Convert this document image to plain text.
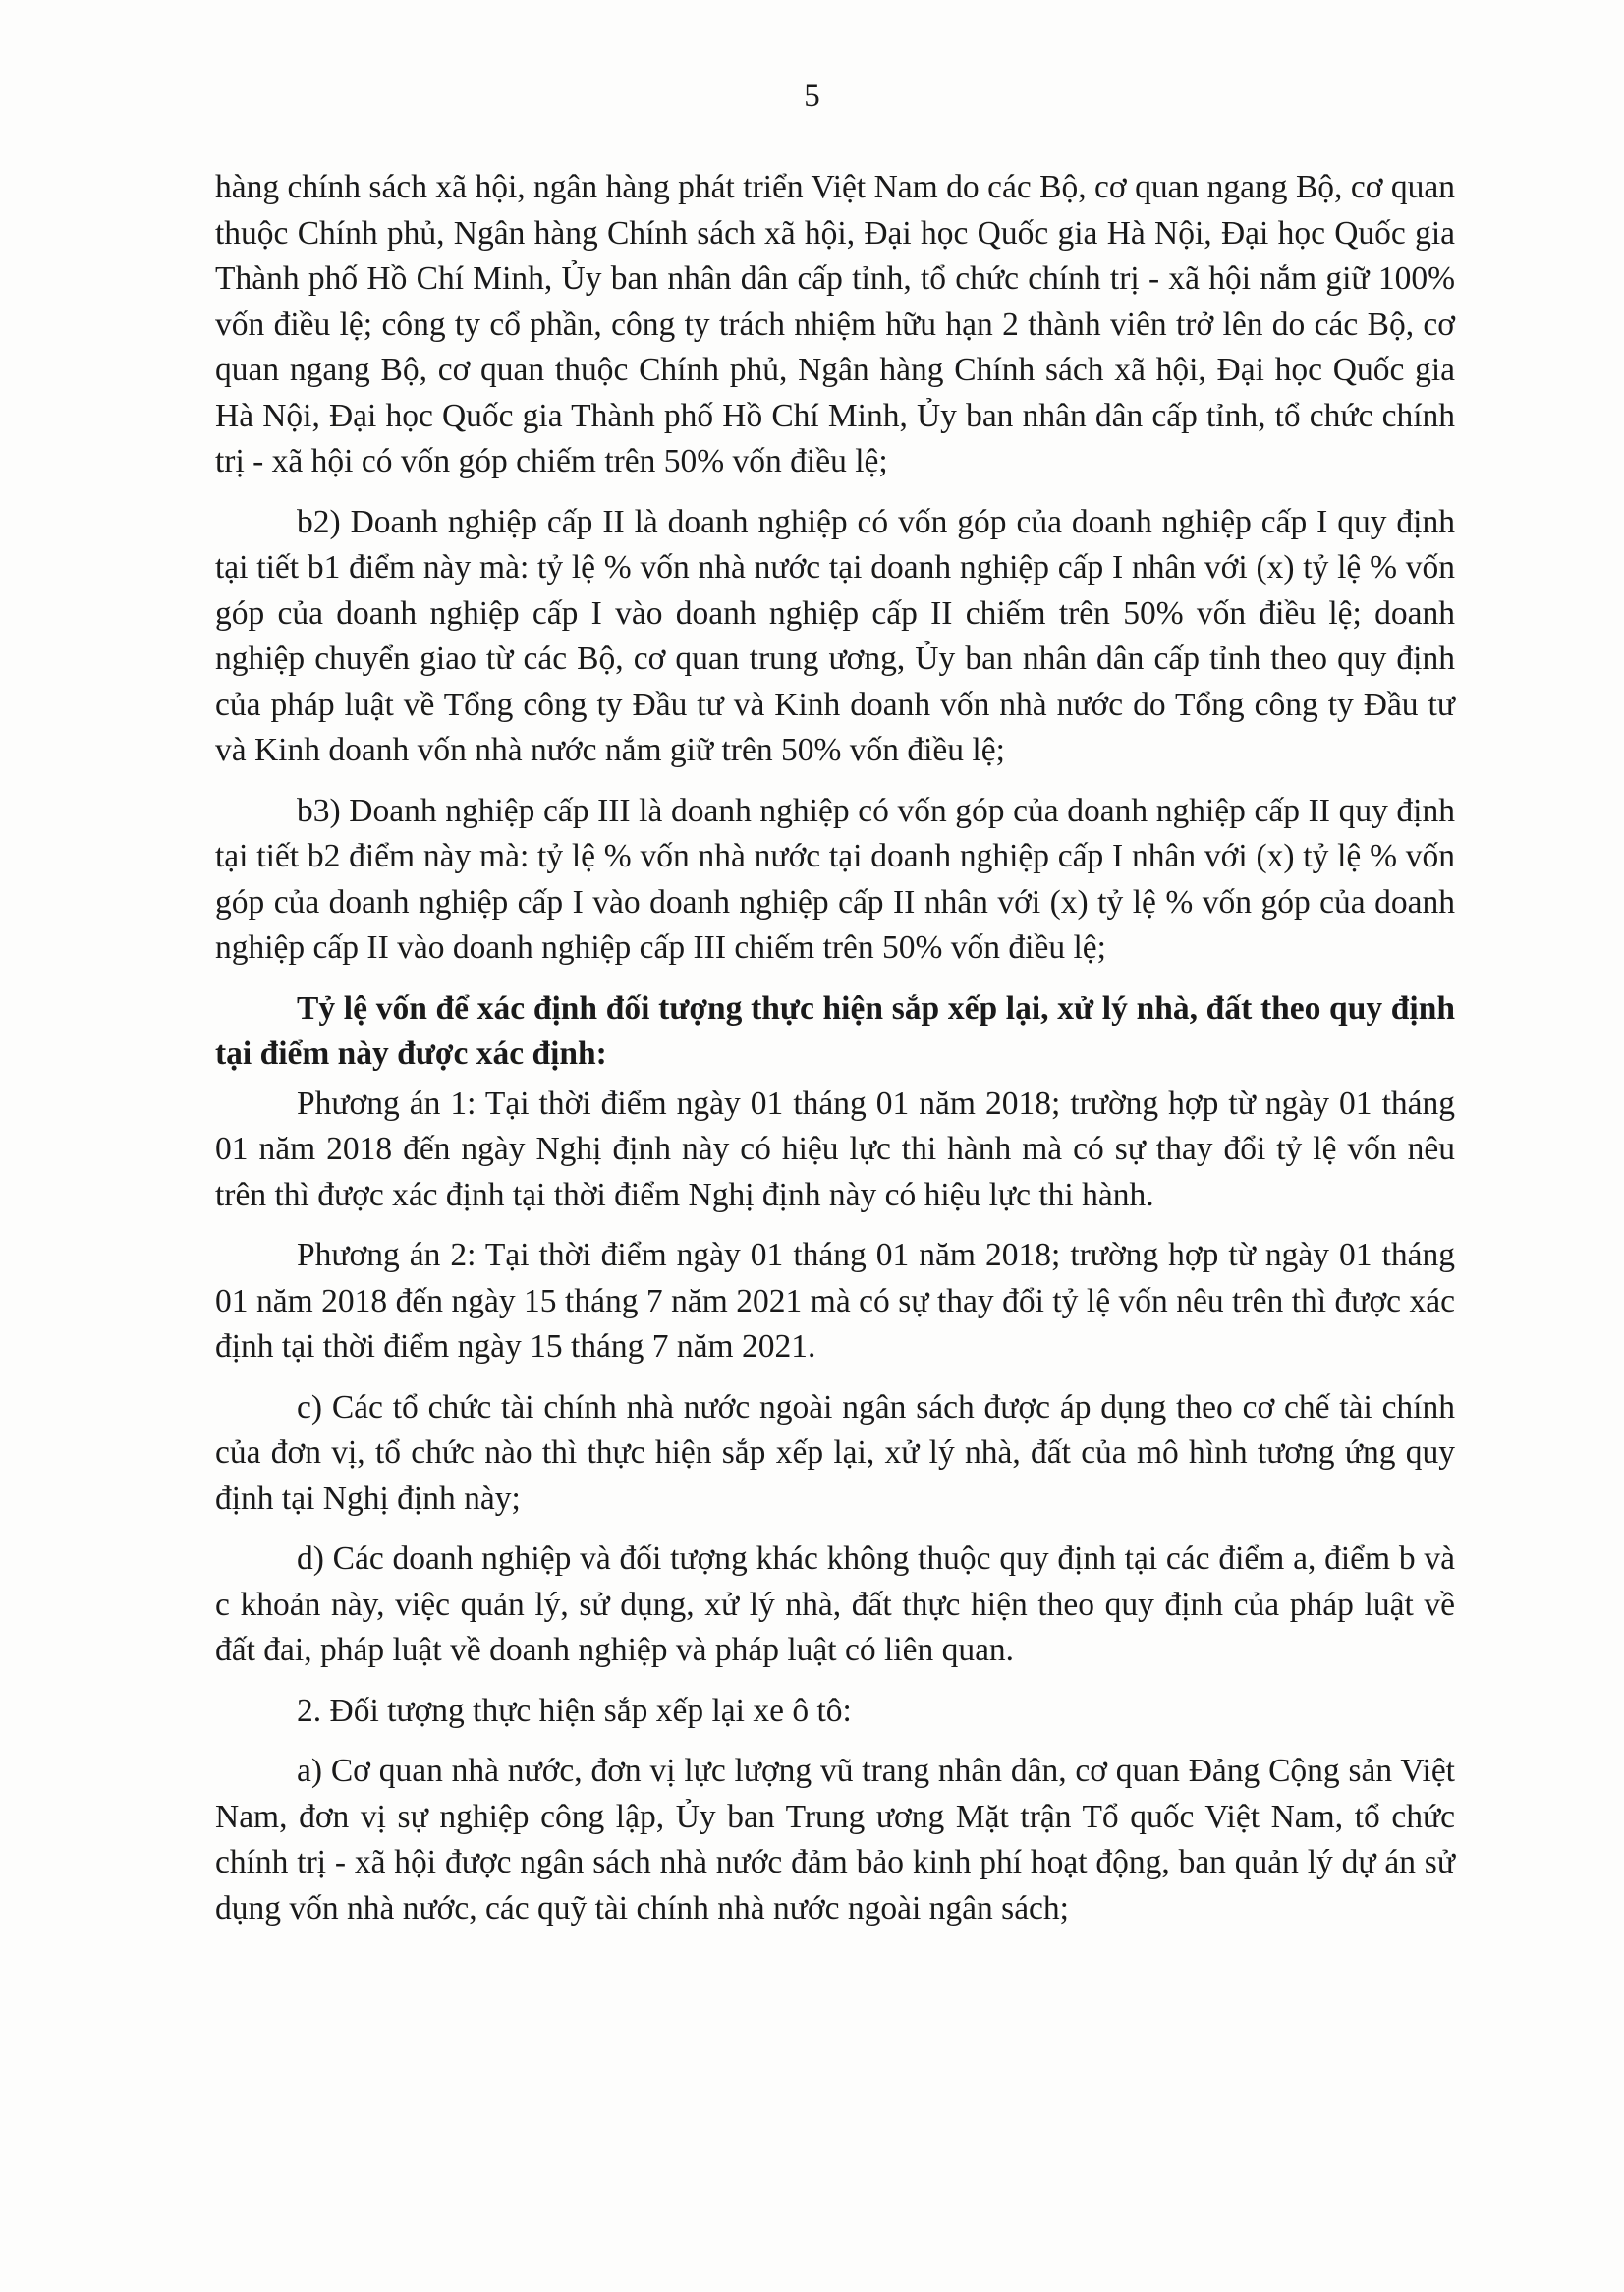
5

hàng chính sách xã hội, ngân hàng phát triển Việt Nam do các Bộ, cơ quan ngang Bộ, cơ quan thuộc Chính phủ, Ngân hàng Chính sách xã hội, Đại học Quốc gia Hà Nội, Đại học Quốc gia Thành phố Hồ Chí Minh, Ủy ban nhân dân cấp tỉnh, tổ chức chính trị - xã hội nắm giữ 100% vốn điều lệ; công ty cổ phần, công ty trách nhiệm hữu hạn 2 thành viên trở lên do các Bộ, cơ quan ngang Bộ, cơ quan thuộc Chính phủ, Ngân hàng Chính sách xã hội, Đại học Quốc gia Hà Nội, Đại học Quốc gia Thành phố Hồ Chí Minh, Ủy ban nhân dân cấp tỉnh, tổ chức chính trị - xã hội có vốn góp chiếm trên 50% vốn điều lệ;

b2) Doanh nghiệp cấp II là doanh nghiệp có vốn góp của doanh nghiệp cấp I quy định tại tiết b1 điểm này mà: tỷ lệ % vốn nhà nước tại doanh nghiệp cấp I nhân với (x) tỷ lệ % vốn góp của doanh nghiệp cấp I vào doanh nghiệp cấp II chiếm trên 50% vốn điều lệ; doanh nghiệp chuyển giao từ các Bộ, cơ quan trung ương, Ủy ban nhân dân cấp tỉnh theo quy định của pháp luật về Tổng công ty Đầu tư và Kinh doanh vốn nhà nước do Tổng công ty Đầu tư và Kinh doanh vốn nhà nước nắm giữ trên 50% vốn điều lệ;

b3) Doanh nghiệp cấp III là doanh nghiệp có vốn góp của doanh nghiệp cấp II quy định tại tiết b2 điểm này mà: tỷ lệ % vốn nhà nước tại doanh nghiệp cấp I nhân với (x) tỷ lệ % vốn góp của doanh nghiệp cấp I vào doanh nghiệp cấp II nhân với (x) tỷ lệ % vốn góp của doanh nghiệp cấp II vào doanh nghiệp cấp III chiếm trên 50% vốn điều lệ;

Tỷ lệ vốn để xác định đối tượng thực hiện sắp xếp lại, xử lý nhà, đất theo quy định tại điểm này được xác định:

Phương án 1: Tại thời điểm ngày 01 tháng 01 năm 2018; trường hợp từ ngày 01 tháng 01 năm 2018 đến ngày Nghị định này có hiệu lực thi hành mà có sự thay đổi tỷ lệ vốn nêu trên thì được xác định tại thời điểm Nghị định này có hiệu lực thi hành.

Phương án 2: Tại thời điểm ngày 01 tháng 01 năm 2018; trường hợp từ ngày 01 tháng 01 năm 2018 đến ngày 15 tháng 7 năm 2021 mà có sự thay đổi tỷ lệ vốn nêu trên thì được xác định tại thời điểm ngày 15 tháng 7 năm 2021.

c) Các tổ chức tài chính nhà nước ngoài ngân sách được áp dụng theo cơ chế tài chính của đơn vị, tổ chức nào thì thực hiện sắp xếp lại, xử lý nhà, đất của mô hình tương ứng quy định tại Nghị định này;

d) Các doanh nghiệp và đối tượng khác không thuộc quy định tại các điểm a, điểm b và c khoản này, việc quản lý, sử dụng, xử lý nhà, đất thực hiện theo quy định của pháp luật về đất đai, pháp luật về doanh nghiệp và pháp luật có liên quan.

2. Đối tượng thực hiện sắp xếp lại xe ô tô:

a) Cơ quan nhà nước, đơn vị lực lượng vũ trang nhân dân, cơ quan Đảng Cộng sản Việt Nam, đơn vị sự nghiệp công lập, Ủy ban Trung ương Mặt trận Tổ quốc Việt Nam, tổ chức chính trị - xã hội được ngân sách nhà nước đảm bảo kinh phí hoạt động, ban quản lý dự án sử dụng vốn nhà nước, các quỹ tài chính nhà nước ngoài ngân sách;
